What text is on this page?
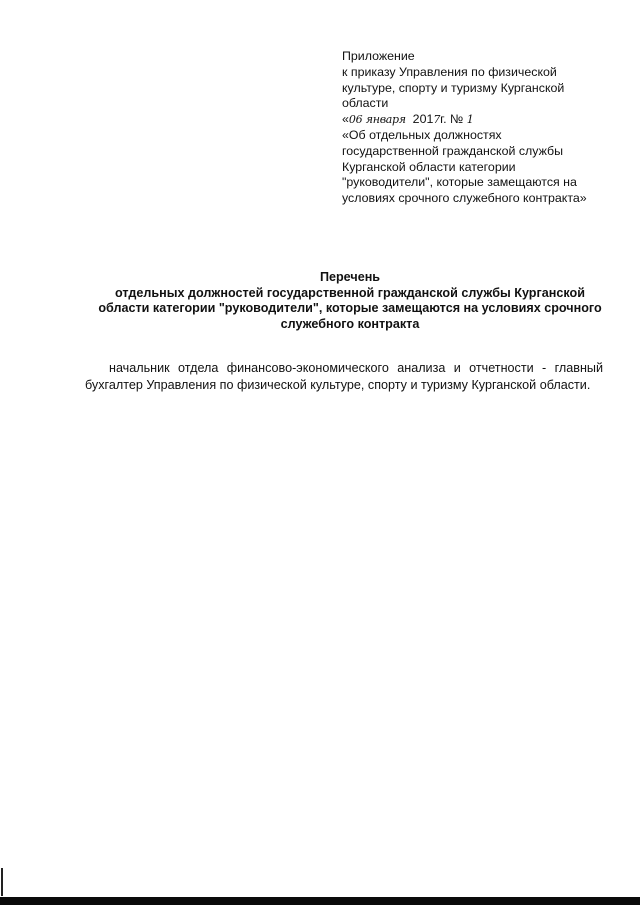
Приложение
к приказу Управления по физической
культуре, спорту и туризму Курганской
области
«06 января 2017г. № 1
«Об отдельных должностях
государственной гражданской службы
Курганской области категории
"руководители", которые замещаются на
условиях срочного служебного контракта»
Перечень
отдельных должностей государственной гражданской службы Курганской
области категории "руководители", которые замещаются на условиях срочного
служебного контракта
начальник отдела финансово-экономического анализа и отчетности - главный
бухгалтер Управления по физической культуре, спорту и туризму Курганской области.
